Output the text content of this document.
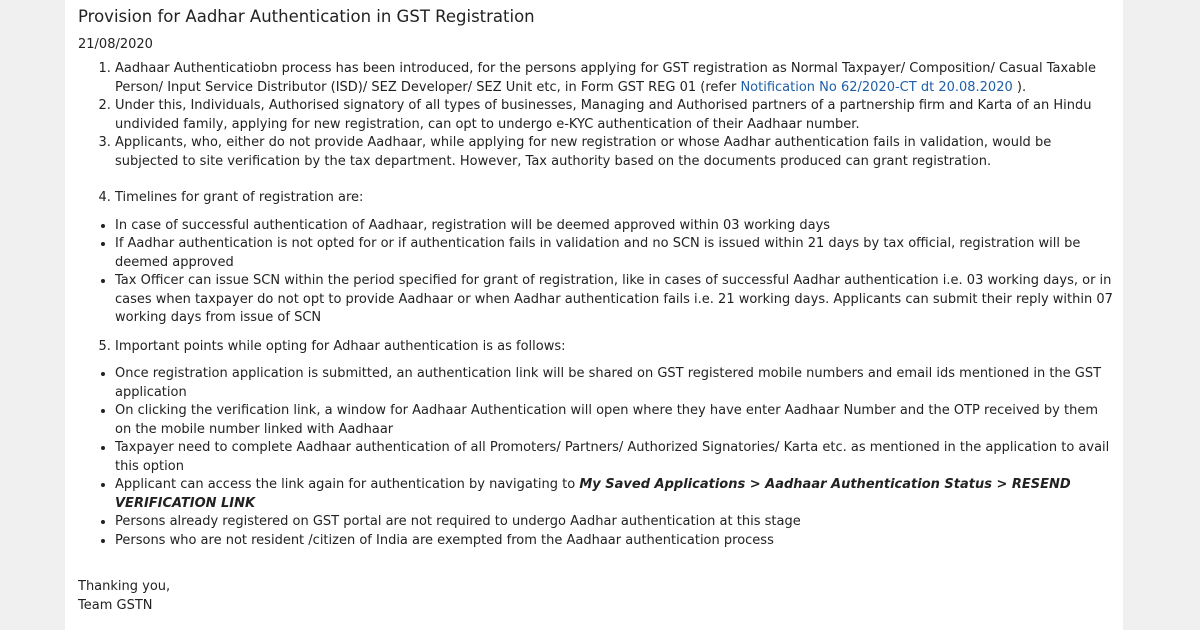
Provision for Aadhar Authentication in GST Registration
21/08/2020
1. Aadhaar Authenticatiobn process has been introduced, for the persons applying for GST registration as Normal Taxpayer/ Composition/ Casual Taxable Person/ Input Service Distributor (ISD)/ SEZ Developer/ SEZ Unit etc, in Form GST REG 01 (refer Notification No 62/2020-CT dt 20.08.2020 ).
2. Under this, Individuals, Authorised signatory of all types of businesses, Managing and Authorised partners of a partnership firm and Karta of an Hindu undivided family, applying for new registration, can opt to undergo e-KYC authentication of their Aadhaar number.
3. Applicants, who, either do not provide Aadhaar, while applying for new registration or whose Aadhar authentication fails in validation, would be subjected to site verification by the tax department. However, Tax authority based on the documents produced can grant registration.
4. Timelines for grant of registration are:
• In case of successful authentication of Aadhaar, registration will be deemed approved within 03 working days
• If Aadhar authentication is not opted for or if authentication fails in validation and no SCN is issued within 21 days by tax official, registration will be deemed approved
• Tax Officer can issue SCN within the period specified for grant of registration, like in cases of successful Aadhar authentication i.e. 03 working days, or in cases when taxpayer do not opt to provide Aadhaar or when Aadhar authentication fails i.e. 21 working days. Applicants can submit their reply within 07 working days from issue of SCN
5. Important points while opting for Adhaar authentication is as follows:
• Once registration application is submitted, an authentication link will be shared on GST registered mobile numbers and email ids mentioned in the GST application
• On clicking the verification link, a window for Aadhaar Authentication will open where they have enter Aadhaar Number and the OTP received by them on the mobile number linked with Aadhaar
• Taxpayer need to complete Aadhaar authentication of all Promoters/ Partners/ Authorized Signatories/ Karta etc. as mentioned in the application to avail this option
• Applicant can access the link again for authentication by navigating to My Saved Applications > Aadhaar Authentication Status > RESEND VERIFICATION LINK
• Persons already registered on GST portal are not required to undergo Aadhar authentication at this stage
• Persons who are not resident /citizen of India are exempted from the Aadhaar authentication process
Thanking you,
Team GSTN
